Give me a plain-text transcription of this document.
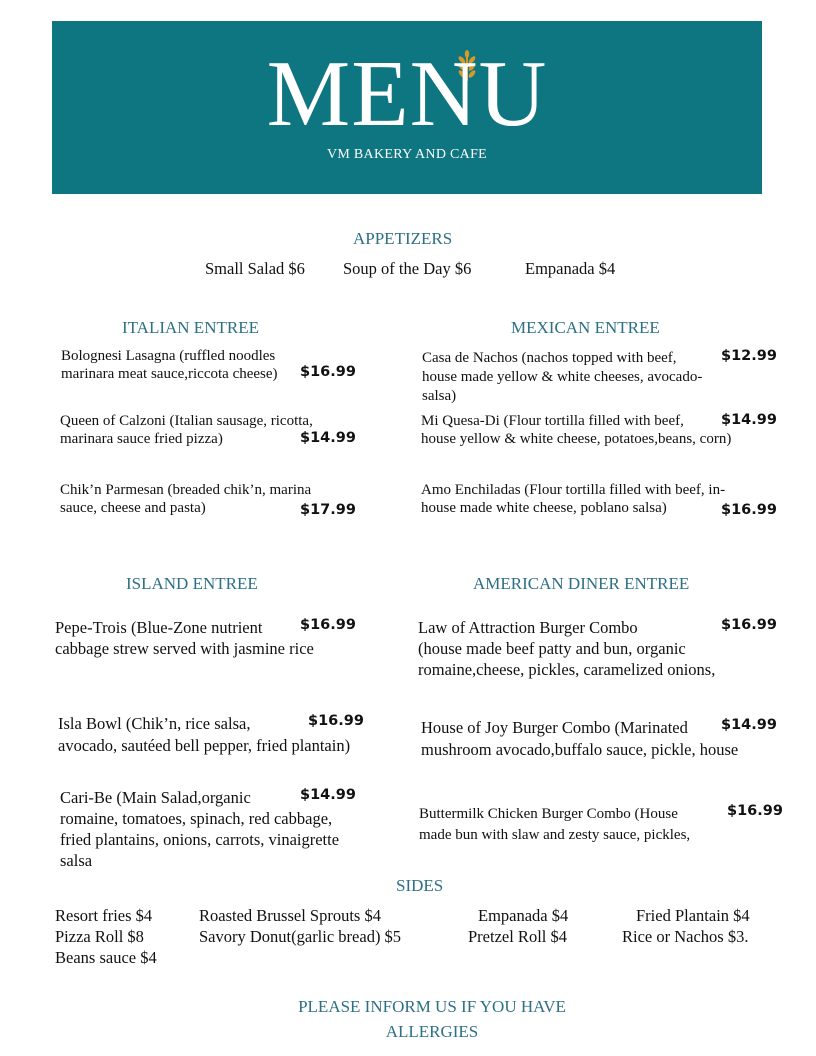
MENU
VM BAKERY AND CAFE
APPETIZERS
Small Salad $6 Soup of the Day $6	Empanada $4
ITALIAN ENTREE
Bolognesi Lasagna (ruffled noodles
marinara meat sauce,riccota cheese) $16.99
Queen of Calzoni (Italian sausage, ricotta,
marinara sauce fried pizza)	$14.99
Chik’n Parmesan (breaded chik’n, marina
sauce, cheese and pasta)	$17.99
MEXICAN ENTREE
Casa de Nachos (nachos topped with beef,
house made yellow & white cheeses, avocado-
salsa)
$12.99
Mi Quesa-Di (Flour tortilla filled with beef,
house yellow & white cheese, potatoes,beans, corn)
$14.99
Amo Enchiladas (Flour tortilla filled with beef, in-
house made white cheese, poblano salsa)	$16.99
ISLAND ENTREE
Pepe-Trois (Blue-Zone nutrient
cabbage strew served with jasmine rice
$16.99
Isla Bowl (Chik’n, rice salsa,
avocado, sautéed bell pepper, fried plantain)
$16.99
Cari-Be (Main Salad,organic
romaine, tomatoes, spinach, red cabbage,
fried plantains, onions, carrots, vinaigrette
salsa
$14.99
AMERICAN DINER ENTREE
Law of Attraction Burger Combo
(house made beef patty and bun, organic
romaine,cheese, pickles, caramelized onions,
$16.99
House of Joy Burger Combo (Marinated
mushroom avocado,buffalo sauce, pickle, house
$14.99
Buttermilk Chicken Burger Combo (House
made bun with slaw and zesty sauce, pickles,
$16.99
SIDES
Resort fries $4	Roasted Brussel Sprouts $4	Empanada $4	Fried Plantain $4
Pizza Roll $8	Savory Donut(garlic bread) $5	Pretzel Roll $4	Rice or Nachos $3.
Beans sauce $4
PLEASE INFORM US IF YOU HAVE
ALLERGIES
